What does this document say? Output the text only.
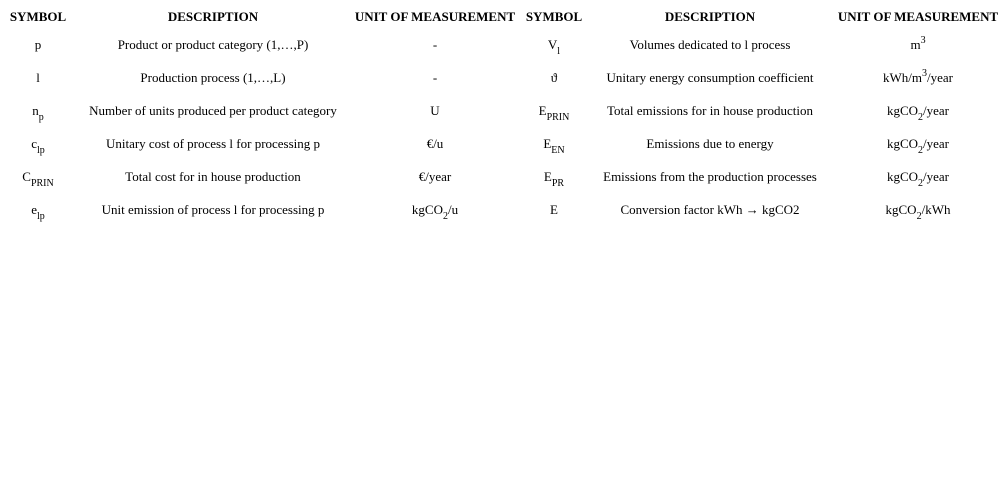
SYMBOL	DESCRIPTION	UNIT OF MEASUREMENT	SYMBOL	DESCRIPTION	UNIT OF MEASUREMENT
p	Product or product category (1,…,P)	-	$V_l$	Volumes dedicated to l process	$m^3$
l	Production process (1,…,L)	-	ϑ	Unitary energy consumption coefficient	kWh/$m^3$/year
$n_p$	Number of units produced per product category	U	$E_{PRIN}$	Total emissions for in house production	kgCO$_2$/year
$c_{lp}$	Unitary cost of process l for processing p	€/u	$E_{EN}$	Emissions due to energy	kgCO$_2$/year
$C_{PRIN}$	Total cost for in house production	€/year	$E_{PR}$	Emissions from the production processes	kgCO$_2$/year
$e_{lp}$	Unit emission of process l for processing p	kgCO$_2$/u	E	Conversion factor kWh → kgCO2	kgCO$_2$/kWh
